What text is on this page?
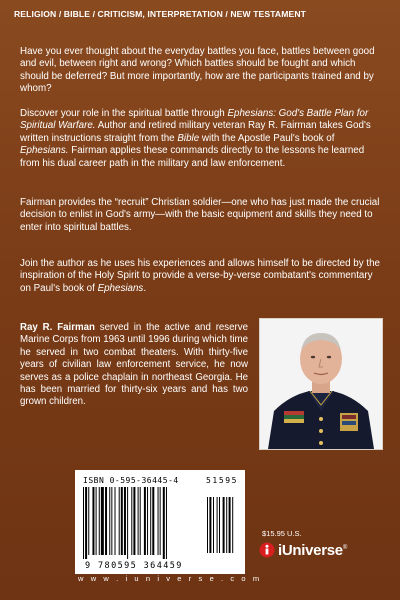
RELIGION / BIBLE / CRITICISM, INTERPRETATION / NEW TESTAMENT
Have you ever thought about the everyday battles you face, battles between good and evil, between right and wrong? Which battles should be fought and which should be deferred? But more importantly, how are the participants trained and by whom?
Discover your role in the spiritual battle through Ephesians: God's Battle Plan for Spiritual Warfare. Author and retired military veteran Ray R. Fairman takes God's written instructions straight from the Bible with the Apostle Paul's book of Ephesians. Fairman applies these commands directly to the lessons he learned from his dual career path in the military and law enforcement.
Fairman provides the “recruit” Christian soldier—one who has just made the crucial decision to enlist in God's army—with the basic equipment and skills they need to enter into spiritual battles.
Join the author as he uses his experiences and allows himself to be directed by the inspiration of the Holy Spirit to provide a verse-by-verse combatant's commentary on Paul's book of Ephesians.
Ray R. Fairman served in the active and reserve Marine Corps from 1963 until 1996 during which time he served in two combat theaters. With thirty-five years of civilian law enforcement service, he now serves as a police chaplain in northeast Georgia. He has been married for thirty-six years and has two grown children.
ISBN 0-595-36445-4	51595
9 780595 364459
$15.95 U.S.
iUniverse®
w w w . i u n i v e r s e . c o m
